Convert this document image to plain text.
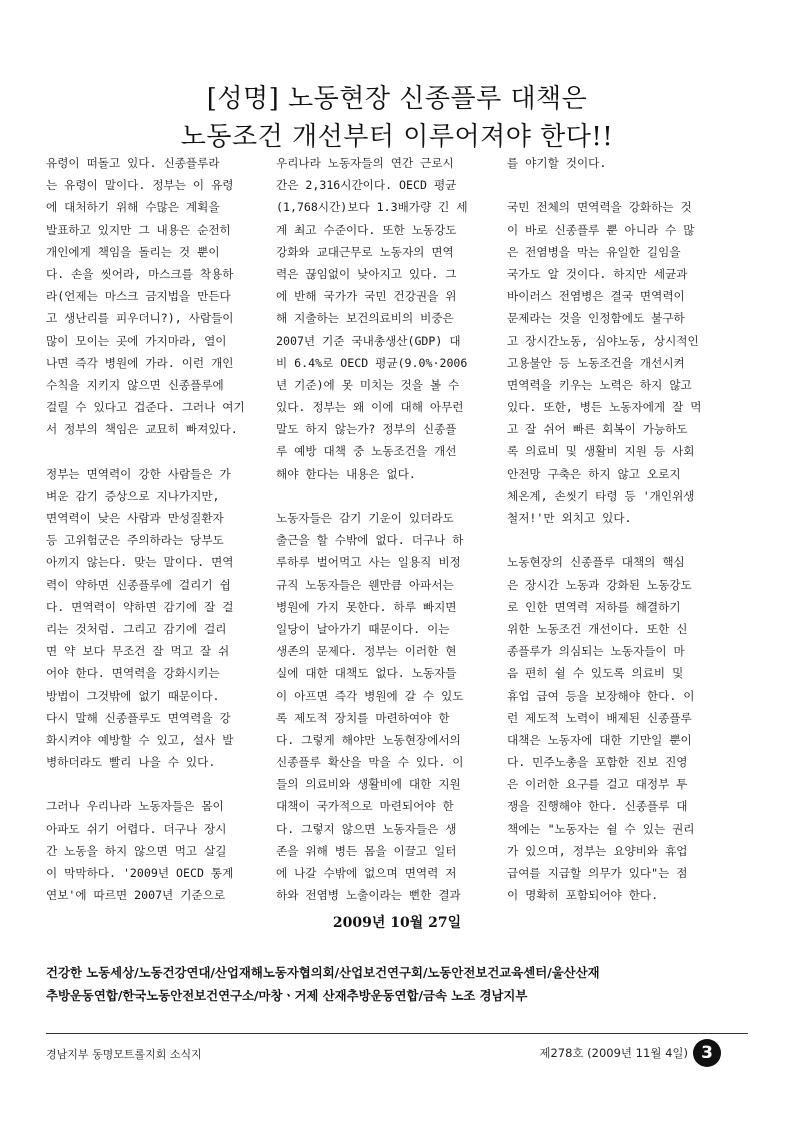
[성명] 노동현장 신종플루 대책은
노동조건 개선부터 이루어져야 한다!!
유령이 떠돌고 있다. 신종플루라
는 유령이 말이다. 정부는 이 유령
에 대처하기 위해 수많은 계획을
발표하고 있지만 그 내용은 순전히
개인에게 책임을 돌리는 것 뿐이
다. 손을 씻어라, 마스크를 착용하
라(언제는 마스크 금지법을 만든다
고 생난리를 피우더니?), 사람들이
많이 모이는 곳에 가지마라, 열이
나면 즉각 병원에 가라. 이런 개인
수칙을 지키지 않으면 신종플루에
걸릴 수 있다고 겁준다. 그러나 여기
서 정부의 책임은 교묘히 빠져있다.
정부는 면역력이 강한 사람들은 가
벼운 감기 증상으로 지나가지만,
면역력이 낮은 사람과 만성질환자
등 고위험군은 주의하라는 당부도
아끼지 않는다. 맞는 말이다. 면역
력이 약하면 신종플루에 걸리기 쉽
다. 면역력이 약하면 감기에 잘 걸
리는 것처럼. 그리고 감기에 걸리
면 약 보다 무조건 잘 먹고 잘 쉬
어야 한다. 면역력을 강화시키는
방법이 그것밖에 없기 때문이다.
다시 말해 신종플루도 면역력을 강
화시켜야 예방할 수 있고, 설사 발
병하더라도 빨리 나을 수 있다.
그러나 우리나라 노동자들은 몸이
아파도 쉬기 어렵다. 더구나 장시
간 노동을 하지 않으면 먹고 살길
이 막막하다. '2009년 OECD 통계
연보'에 따르면 2007년 기준으로
우리나라 노동자들의 연간 근로시
간은 2,316시간이다. OECD 평균
(1,768시간)보다 1.3배가량 긴 세
계 최고 수준이다. 또한 노동강도
강화와 교대근무로 노동자의 면역
력은 끊임없이 낮아지고 있다. 그
에 반해 국가가 국민 건강권을 위
해 지출하는 보건의료비의 비중은
2007년 기준 국내총생산(GDP) 대
비 6.4%로 OECD 평균(9.0%·2006
년 기준)에 못 미치는 것을 볼 수
있다. 정부는 왜 이에 대해 아무런
말도 하지 않는가? 정부의 신종플
루 예방 대책 중 노동조건을 개선
해야 한다는 내용은 없다.
노동자들은 감기 기운이 있더라도
출근을 할 수밖에 없다. 더구나 하
루하루 벌어먹고 사는 일용직 비정
규직 노동자들은 웬만큼 아파서는
병원에 가지 못한다. 하루 빠지면
일당이 날아가기 때문이다. 이는
생존의 문제다. 정부는 이러한 현
실에 대한 대책도 없다. 노동자들
이 아프면 즉각 병원에 갈 수 있도
록 제도적 장치를 마련하여야 한
다. 그렇게 해야만 노동현장에서의
신종플루 확산을 막을 수 있다. 이
들의 의료비와 생활비에 대한 지원
대책이 국가적으로 마련되어야 한
다. 그렇지 않으면 노동자들은 생
존을 위해 병든 몸을 이끌고 일터
에 나갈 수밖에 없으며 면역력 저
하와 전염병 노출이라는 뻔한 결과
를 야기할 것이다.
국민 전체의 면역력을 강화하는 것
이 바로 신종플루 뿐 아니라 수 많
은 전염병을 막는 유일한 길임을
국가도 알 것이다. 하지만 세균과
바이러스 전염병은 결국 면역력이
문제라는 것을 인정함에도 불구하
고 장시간노동, 심야노동, 상시적인
고용불안 등 노동조건을 개선시켜
면역력을 키우는 노력은 하지 않고
있다. 또한, 병든 노동자에게 잘 먹
고 잘 쉬어 빠른 회복이 가능하도
록 의료비 및 생활비 지원 등 사회
안전망 구축은 하지 않고 오로지
체온계, 손씻기 타령 등 '개인위생
철저!'만 외치고 있다.
노동현장의 신종플루 대책의 핵심
은 장시간 노동과 강화된 노동강도
로 인한 면역력 저하를 해결하기
위한 노동조건 개선이다. 또한 신
종플루가 의심되는 노동자들이 마
음 편히 쉴 수 있도록 의료비 및
휴업 급여 등을 보장해야 한다. 이
런 제도적 노력이 배제된 신종플루
대책은 노동자에 대한 기만일 뿐이
다. 민주노총을 포함한 진보 진영
은 이러한 요구를 걸고 대정부 투
쟁을 진행해야 한다. 신종플루 대
책에는 "노동자는 쉴 수 있는 권리
가 있으며, 정부는 요양비와 휴업
급여를 지급할 의무가 있다"는 점
이 명확히 포함되어야 한다.
2009년 10월 27일
건강한 노동세상/노동건강연대/산업재해노동자협의회/산업보건연구회/노동안전보건교육센터/울산산재
추방운동연합/한국노동안전보건연구소/마창ㆍ거제 산재추방운동연합/금속 노조 경남지부
경남지부 동명모트롤지회 소식지	제278호 (2009년 11월 4일) 3
